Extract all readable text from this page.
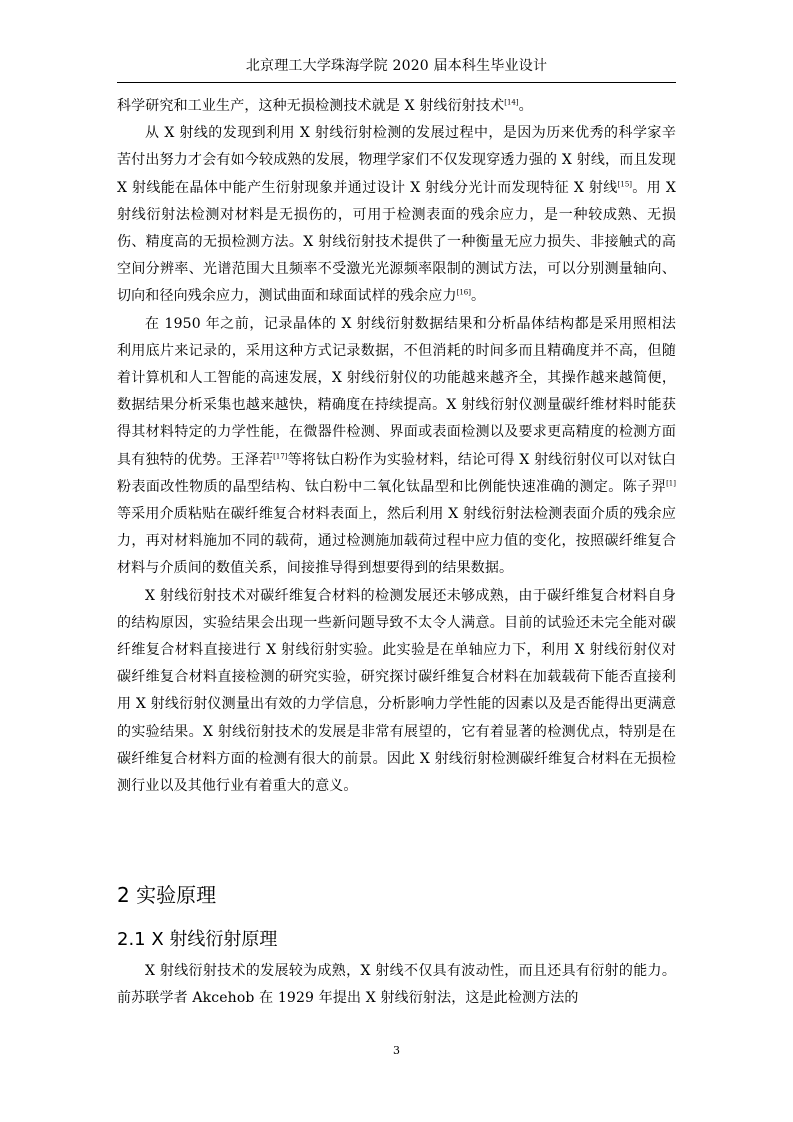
北京理工大学珠海学院 2020 届本科生毕业设计

科学研究和工业生产，这种无损检测技术就是 X 射线衍射技术[14]。

从 X 射线的发现到利用 X 射线衍射检测的发展过程中，是因为历来优秀的科学家辛苦付出努力才会有如今较成熟的发展，物理学家们不仅发现穿透力强的 X 射线，而且发现 X 射线能在晶体中能产生衍射现象并通过设计 X 射线分光计而发现特征 X 射线[15]。用 X 射线衍射法检测对材料是无损伤的，可用于检测表面的残余应力，是一种较成熟、无损伤、精度高的无损检测方法。X 射线衍射技术提供了一种衡量无应力损失、非接触式的高空间分辨率、光谱范围大且频率不受激光光源频率限制的测试方法，可以分别测量轴向、切向和径向残余应力，测试曲面和球面试样的残余应力[16]。

在 1950 年之前，记录晶体的 X 射线衍射数据结果和分析晶体结构都是采用照相法利用底片来记录的，采用这种方式记录数据，不但消耗的时间多而且精确度并不高，但随着计算机和人工智能的高速发展，X 射线衍射仪的功能越来越齐全，其操作越来越简便，数据结果分析采集也越来越快，精确度在持续提高。X 射线衍射仪测量碳纤维材料时能获得其材料特定的力学性能，在微器件检测、界面或表面检测以及要求更高精度的检测方面具有独特的优势。王泽若[17]等将钛白粉作为实验材料，结论可得 X 射线衍射仪可以对钛白粉表面改性物质的晶型结构、钛白粉中二氧化钛晶型和比例能快速准确的测定。陈子羿[1]等采用介质粘贴在碳纤维复合材料表面上，然后利用 X 射线衍射法检测表面介质的残余应力，再对材料施加不同的载荷，通过检测施加载荷过程中应力值的变化，按照碳纤维复合材料与介质间的数值关系，间接推导得到想要得到的结果数据。

X 射线衍射技术对碳纤维复合材料的检测发展还未够成熟，由于碳纤维复合材料自身的结构原因，实验结果会出现一些新问题导致不太令人满意。目前的试验还未完全能对碳纤维复合材料直接进行 X 射线衍射实验。此实验是在单轴应力下，利用 X 射线衍射仪对碳纤维复合材料直接检测的研究实验，研究探讨碳纤维复合材料在加载载荷下能否直接利用 X 射线衍射仪测量出有效的力学信息，分析影响力学性能的因素以及是否能得出更满意的实验结果。X 射线衍射技术的发展是非常有展望的，它有着显著的检测优点，特别是在碳纤维复合材料方面的检测有很大的前景。因此 X 射线衍射检测碳纤维复合材料在无损检测行业以及其他行业有着重大的意义。

2 实验原理
2.1 X 射线衍射原理

X 射线衍射技术的发展较为成熟，X 射线不仅具有波动性，而且还具有衍射的能力。前苏联学者 Akcehob 在 1929 年提出 X 射线衍射法，这是此检测方法的

3
